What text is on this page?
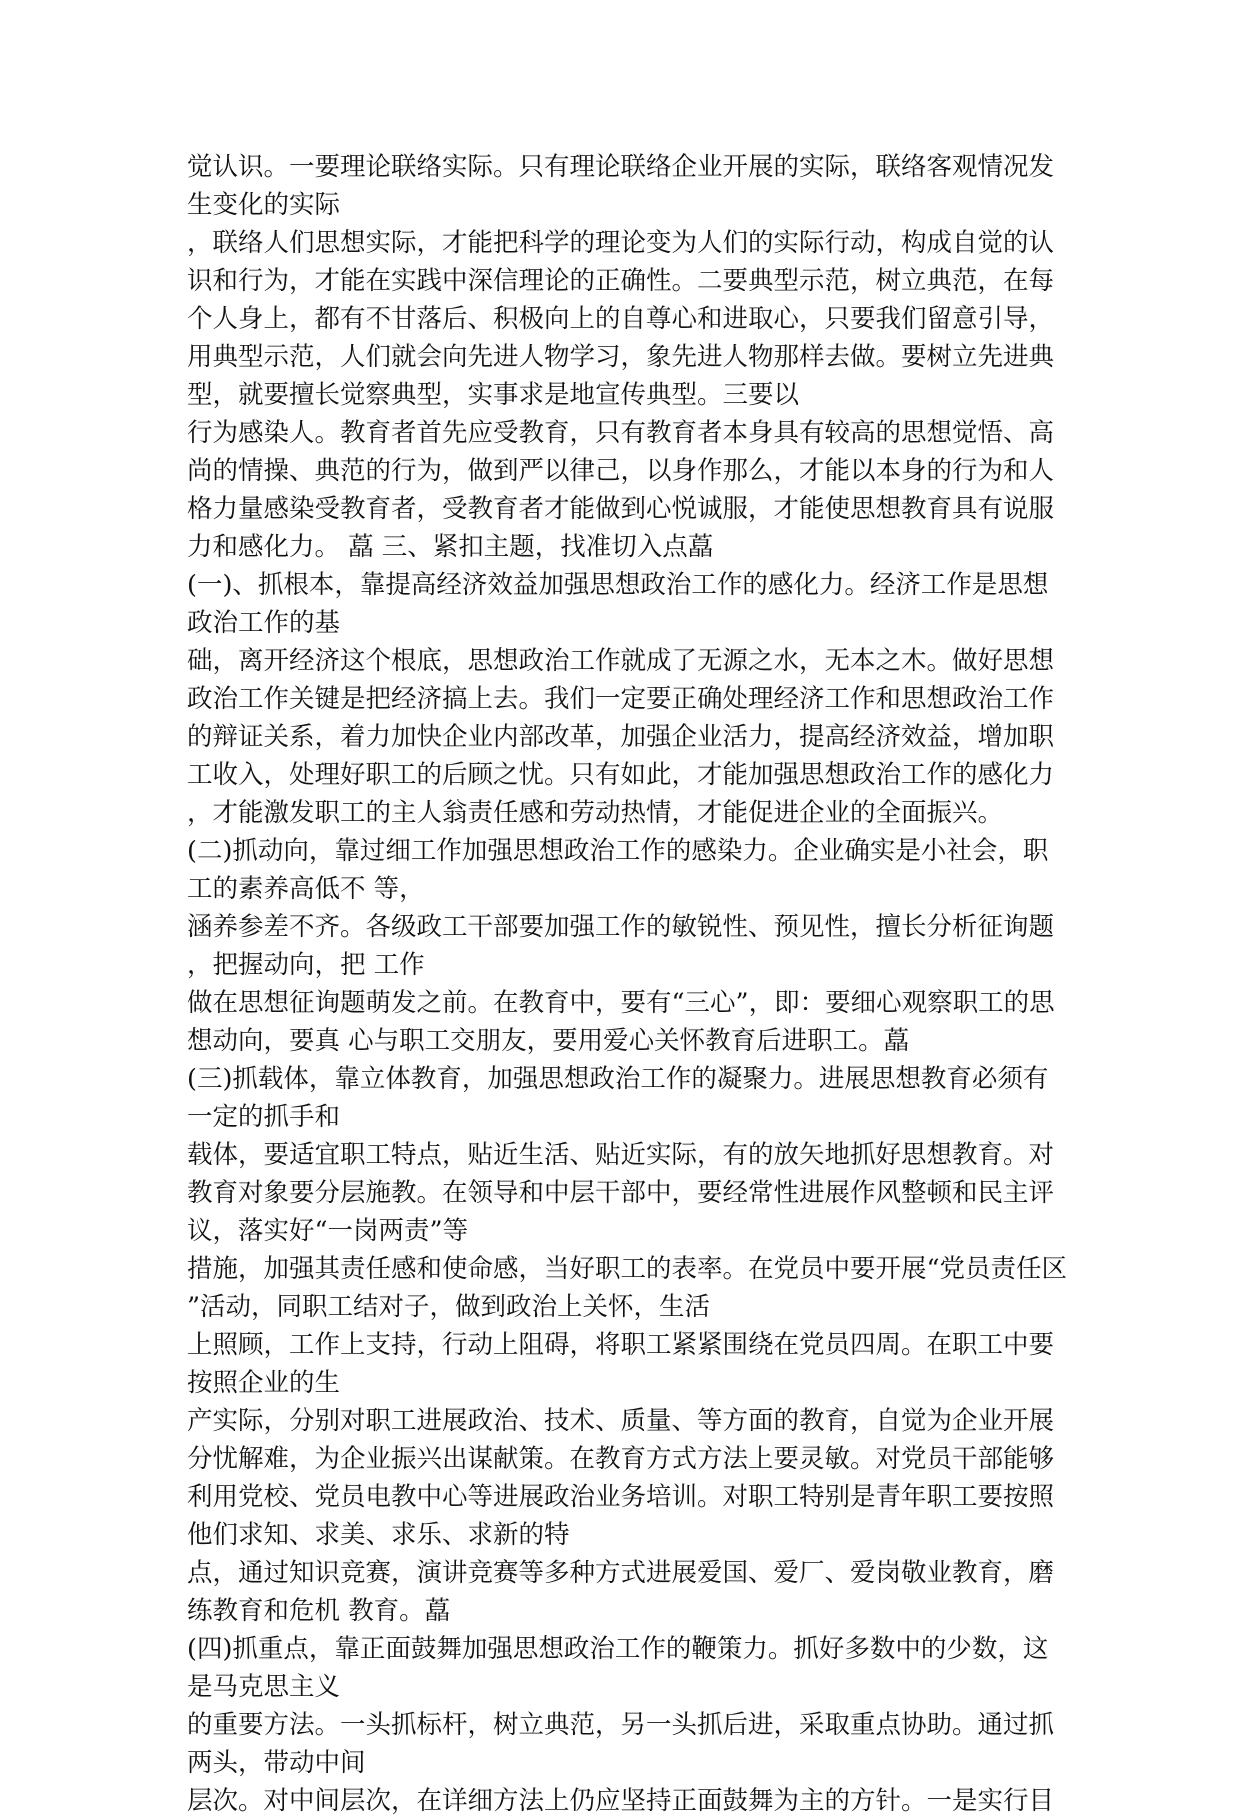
觉认识。一要理论联络实际。只有理论联络企业开展的实际，联络客观情况发
生变化的实际
，联络人们思想实际，才能把科学的理论变为人们的实际行动，构成自觉的认
识和行为，才能在实践中深信理论的正确性。二要典型示范，树立典范，在每
个人身上，都有不甘落后、积极向上的自尊心和进取心，只要我们留意引导，
用典型示范，人们就会向先进人物学习，象先进人物那样去做。要树立先进典
型，就要擅长觉察典型，实事求是地宣传典型。三要以
行为感染人。教育者首先应受教育，只有教育者本身具有较高的思想觉悟、高
尚的情操、典范的行为，做到严以律己，以身作那么，才能以本身的行为和人
格力量感染受教育者，受教育者才能做到心悦诚服，才能使思想教育具有说服
力和感化力。 藠 三、紧扣主题，找准切入点藠
(一)、抓根本，靠提高经济效益加强思想政治工作的感化力。经济工作是思想
政治工作的基
础，离开经济这个根底，思想政治工作就成了无源之水，无本之木。做好思想
政治工作关键是把经济搞上去。我们一定要正确处理经济工作和思想政治工作
的辩证关系，着力加快企业内部改革，加强企业活力，提高经济效益，增加职
工收入，处理好职工的后顾之忧。只有如此，才能加强思想政治工作的感化力
，才能激发职工的主人翁责任感和劳动热情，才能促进企业的全面振兴。
(二)抓动向，靠过细工作加强思想政治工作的感染力。企业确实是小社会，职
工的素养高低不 等，
涵养参差不齐。各级政工干部要加强工作的敏锐性、预见性，擅长分析征询题
，把握动向，把 工作
做在思想征询题萌发之前。在教育中，要有“三心”，即：要细心观察职工的思
想动向，要真 心与职工交朋友，要用爱心关怀教育后进职工。藠
(三)抓载体，靠立体教育，加强思想政治工作的凝聚力。进展思想教育必须有
一定的抓手和
载体，要适宜职工特点，贴近生活、贴近实际，有的放矢地抓好思想教育。对
教育对象要分层施教。在领导和中层干部中，要经常性进展作风整顿和民主评
议，落实好“一岗两责”等
措施，加强其责任感和使命感，当好职工的表率。在党员中要开展“党员责任区
”活动，同职工结对子，做到政治上关怀，生活
上照顾，工作上支持，行动上阻碍，将职工紧紧围绕在党员四周。在职工中要
按照企业的生
产实际，分别对职工进展政治、技术、质量、等方面的教育，自觉为企业开展
分忧解难，为企业振兴出谋献策。在教育方式方法上要灵敏。对党员干部能够
利用党校、党员电教中心等进展政治业务培训。对职工特别是青年职工要按照
他们求知、求美、求乐、求新的特
点，通过知识竞赛，演讲竞赛等多种方式进展爱国、爱厂、爱岗敬业教育，磨
练教育和危机 教育。藠
(四)抓重点，靠正面鼓舞加强思想政治工作的鞭策力。抓好多数中的少数，这
是马克思主义
的重要方法。一头抓标杆，树立典范，另一头抓后进，采取重点协助。通过抓
两头，带动中间
层次。对中间层次，在详细方法上仍应坚持正面鼓舞为主的方针。一是实行目
